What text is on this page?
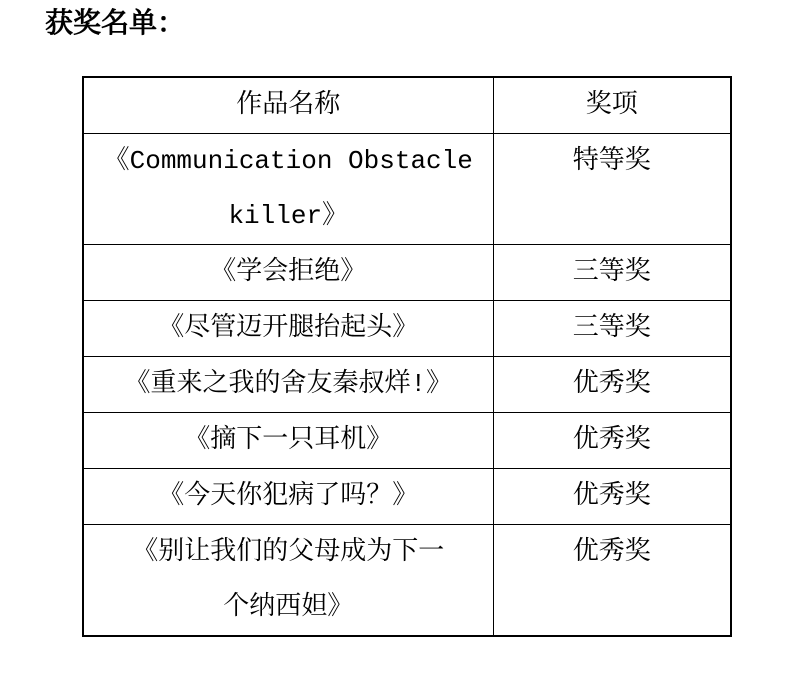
获奖名单：
作品名称	奖项

《Communication Obstacle
killer》	特等奖

《学会拒绝》	三等奖

《尽管迈开腿抬起头》	三等奖

《重来之我的舍友秦叔烊!》	优秀奖

《摘下一只耳机》	优秀奖

《今天你犯病了吗？》	优秀奖

《别让我们的父母成为下一
个纳西妲》	优秀奖
